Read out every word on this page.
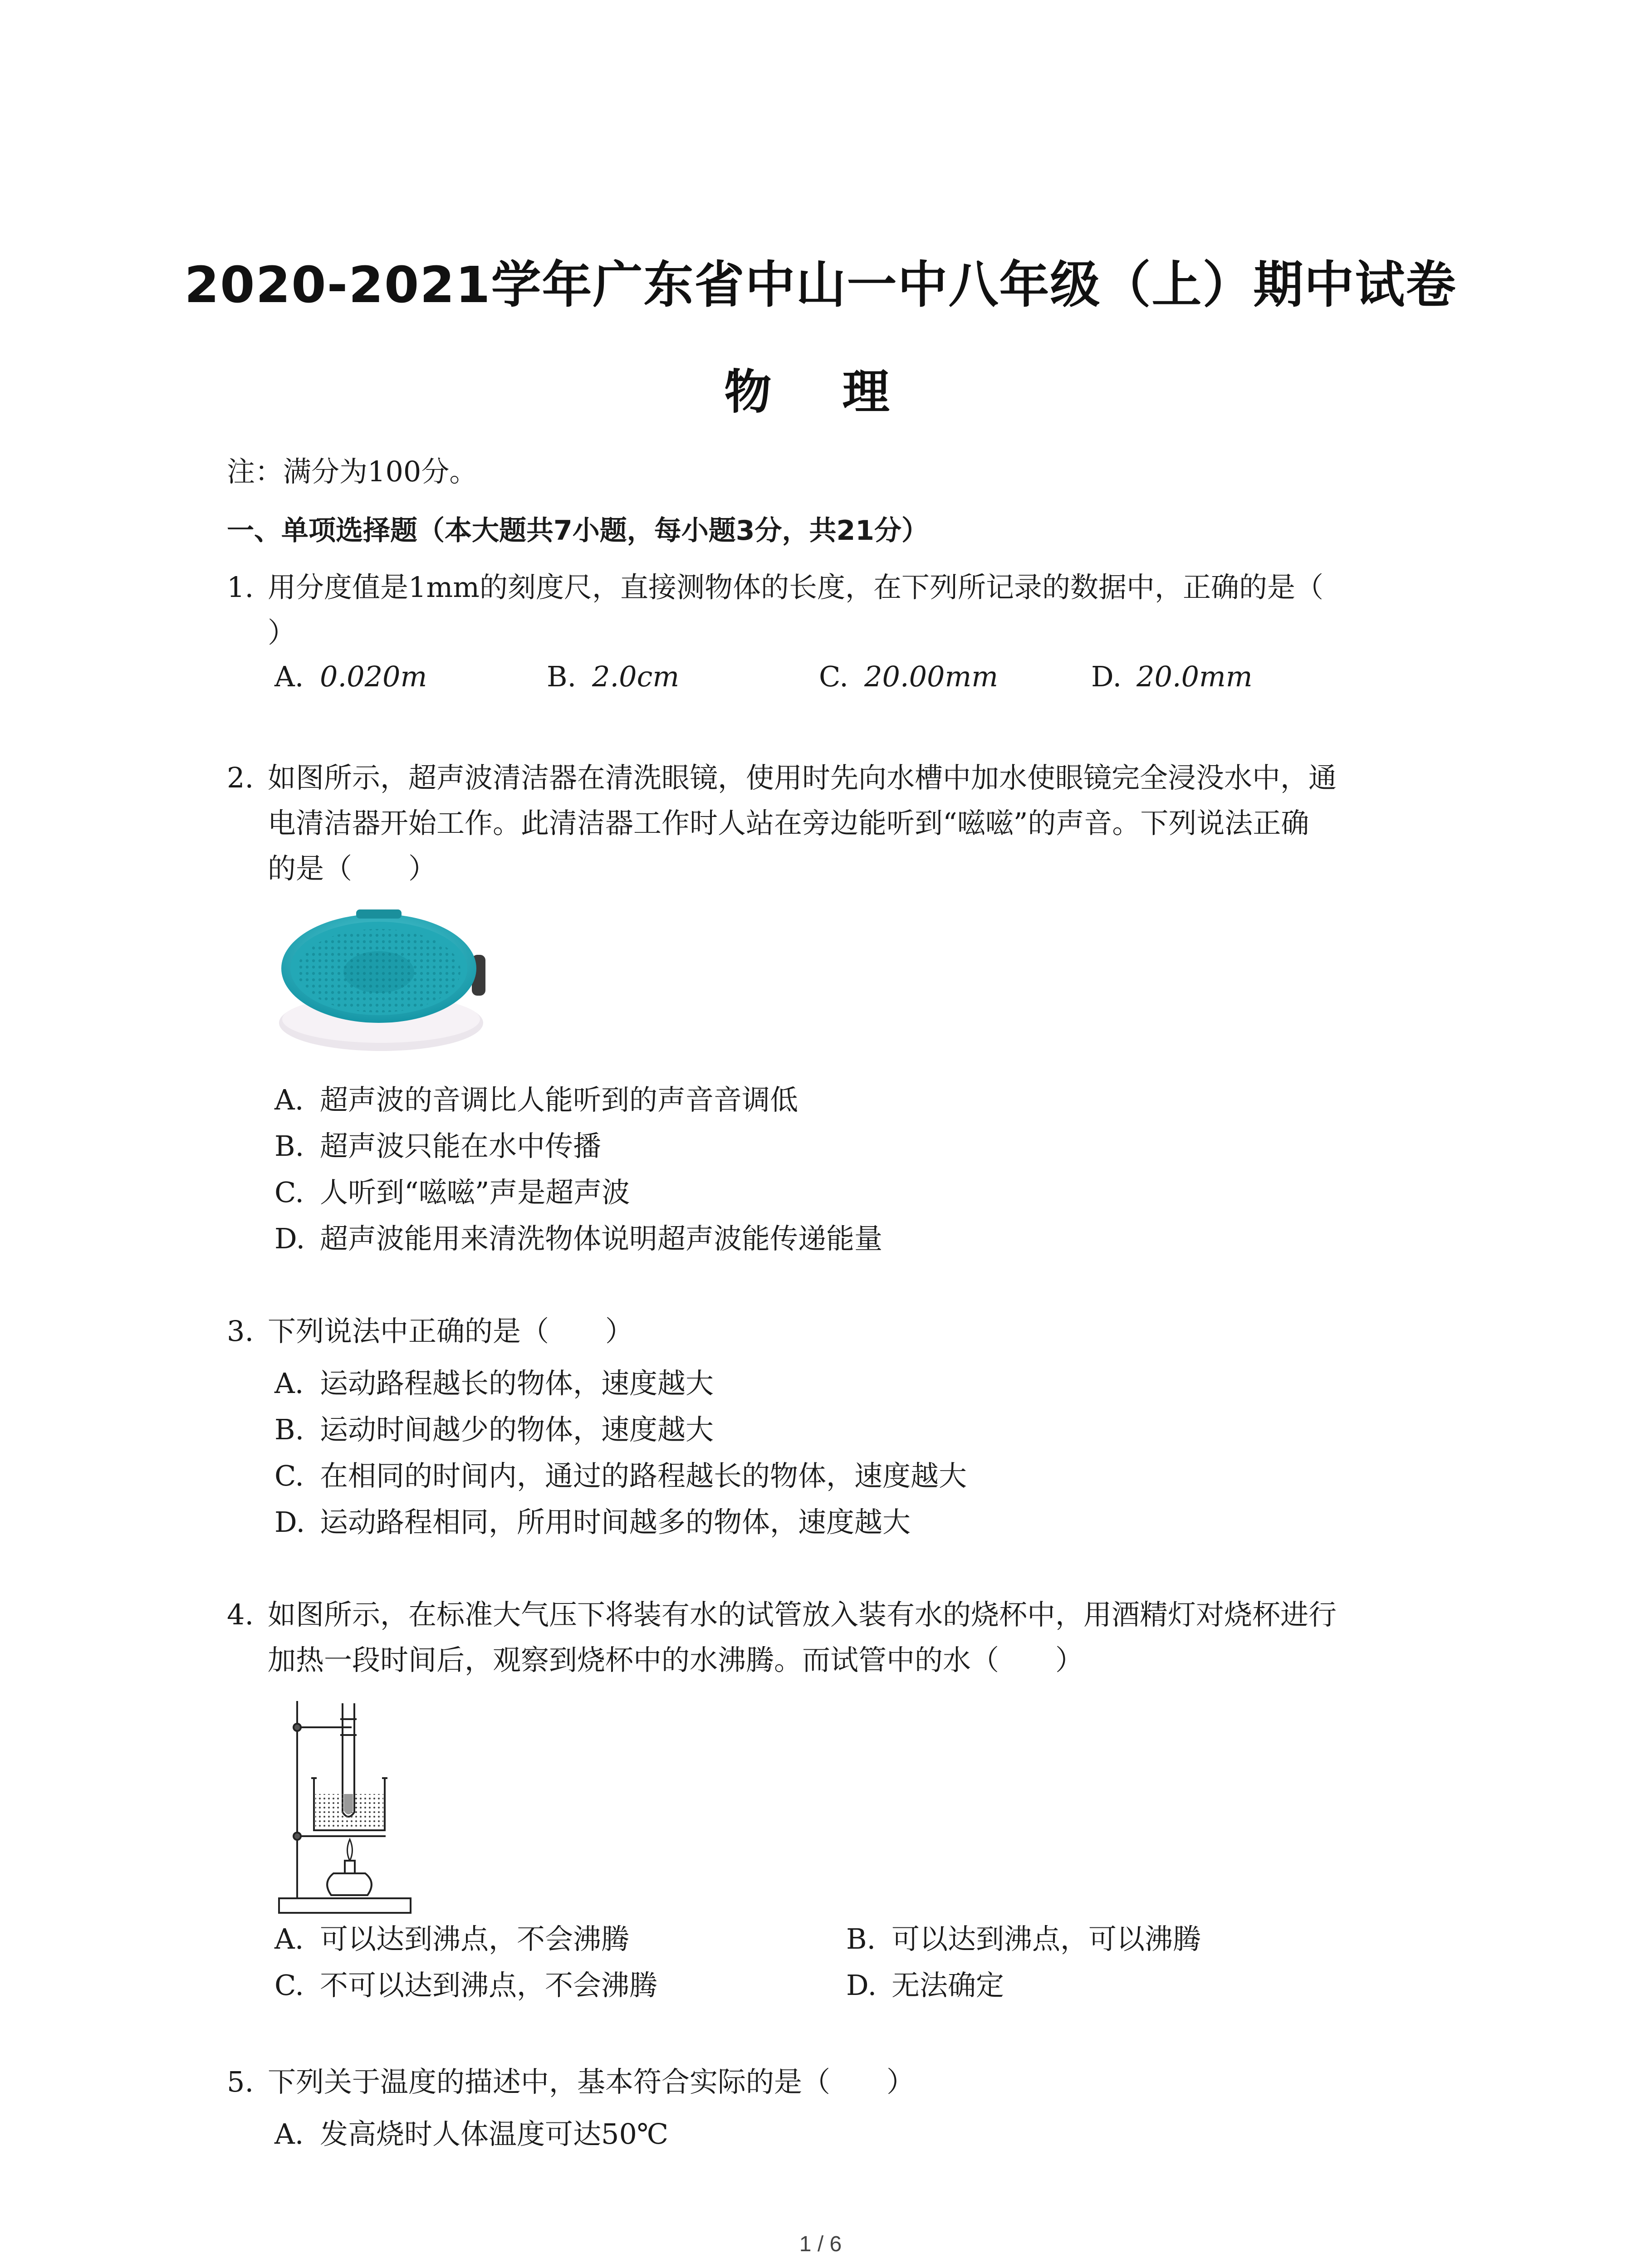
2020-2021学年广东省中山一中八年级（上）期中试卷
物 理
注：满分为100分。
一、单项选择题（本大题共7小题，每小题3分，共21分）
1. 用分度值是1mm的刻度尺，直接测物体的长度，在下列所记录的数据中，正确的是（
）
A. 0.020m	B. 2.0cm	C. 20.00mm	D. 20.0mm
2. 如图所示，超声波清洁器在清洗眼镜，使用时先向水槽中加水使眼镜完全浸没水中，通
电清洁器开始工作。此清洁器工作时人站在旁边能听到“嗞嗞”的声音。下列说法正确
的是（　　）
A. 超声波的音调比人能听到的声音音调低
B. 超声波只能在水中传播
C. 人听到“嗞嗞”声是超声波
D. 超声波能用来清洗物体说明超声波能传递能量
3. 下列说法中正确的是（　　）
A. 运动路程越长的物体，速度越大
B. 运动时间越少的物体，速度越大
C. 在相同的时间内，通过的路程越长的物体，速度越大
D. 运动路程相同，所用时间越多的物体，速度越大
4. 如图所示，在标准大气压下将装有水的试管放入装有水的烧杯中，用酒精灯对烧杯进行
加热一段时间后，观察到烧杯中的水沸腾。而试管中的水（　　）
A. 可以达到沸点，不会沸腾	B. 可以达到沸点，可以沸腾
C. 不可以达到沸点，不会沸腾	D. 无法确定
5. 下列关于温度的描述中，基本符合实际的是（　　）
A. 发高烧时人体温度可达50℃
1 / 6
